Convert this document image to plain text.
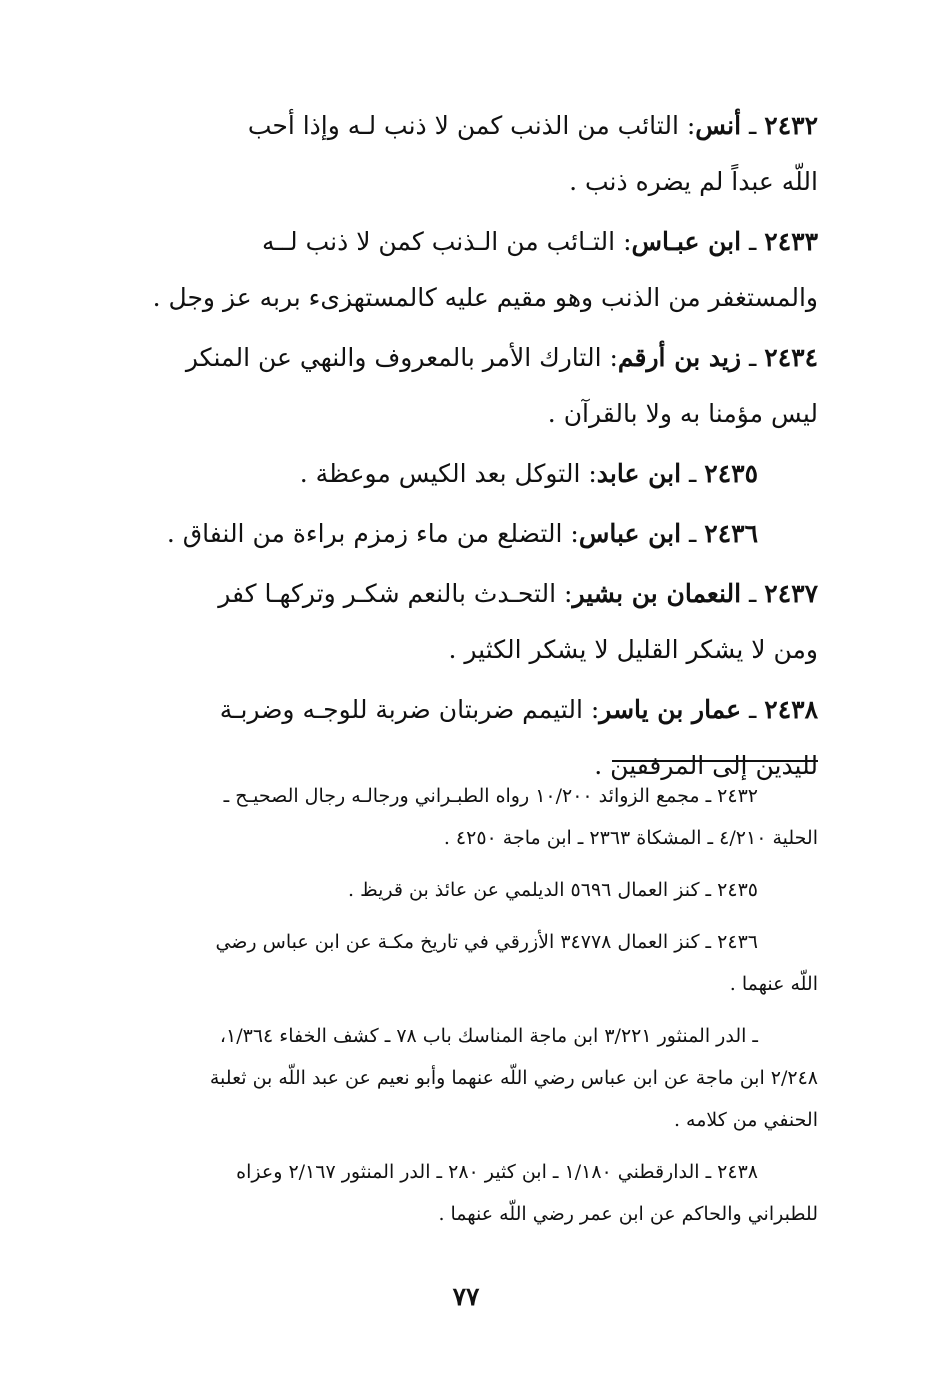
٢٤٣٢ ـ أنس: التائب من الذنب كمن لا ذنب لـه وإذا أحب
اللّه عبداً لم يضره ذنب .

٢٤٣٣ ـ ابن عبـاس: التـائب من الـذنب كمن لا ذنب لــه
والمستغفر من الذنب وهو مقيم عليه كالمستهزىء بربه عز وجل .

٢٤٣٤ ـ زيد بن أرقم: التارك الأمر بالمعروف والنهي عن المنكر
ليس مؤمنا به ولا بالقرآن .

٢٤٣٥ ـ ابن عابد: التوكل بعد الكيس موعظة .

٢٤٣٦ ـ ابن عباس: التضلع من ماء زمزم براءة من النفاق .

٢٤٣٧ ـ النعمان بن بشير: التحـدث بالنعم شكـر وتركهـا كفر
ومن لا يشكر القليل لا يشكر الكثير .

٢٤٣٨ ـ عمار بن ياسر: التيمم ضربتان ضربة للوجـه وضربـة
لليدين إلى المرفقين .

٢٤٣٢ ـ مجمع الزوائد ١٠/٢٠٠ رواه الطبـراني ورجالـه رجال الصحيـح ـ
الحلية ٤/٢١٠ ـ المشكاة ٢٣٦٣ ـ ابن ماجة ٤٢٥٠ .

٢٤٣٥ ـ كنز العمال ٥٦٩٦ الديلمي عن عائذ بن قريظ .

٢٤٣٦ ـ كنز العمال ٣٤٧٧٨ الأزرقي في تاريخ مكـة عن ابن عباس رضي
اللّه عنهما .

ـ الدر المنثور ٣/٢٢١ ابن ماجة المناسك باب ٧٨ ـ كشف الخفاء ١/٣٦٤،
٢/٢٤٨ ابن ماجة عن ابن عباس رضي اللّه عنهما وأبو نعيم عن عبد اللّه بن ثعلبة
الحنفي من كلامه .

٢٤٣٨ ـ الدارقطني ١/١٨٠ ـ ابن كثير ٢٨٠ ـ الدر المنثور ٢/١٦٧ وعزاه
للطبراني والحاكم عن ابن عمر رضي اللّه عنهما .

٧٧
